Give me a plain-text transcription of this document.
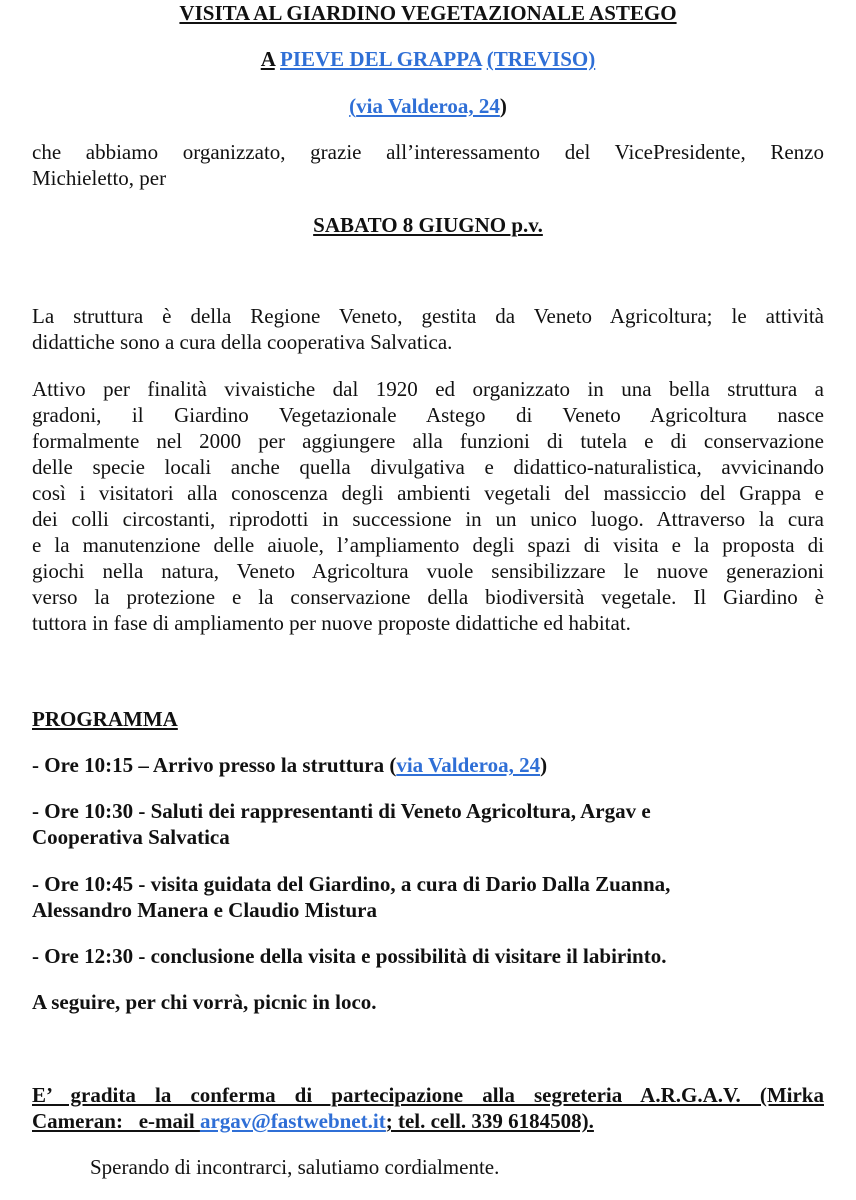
VISITA AL GIARDINO VEGETAZIONALE ASTEGO
A PIEVE DEL GRAPPA (TREVISO)
(via Valderoa, 24)
che abbiamo organizzato, grazie all’interessamento del VicePresidente, Renzo
Michieletto, per
SABATO 8 GIUGNO p.v.
La struttura è della Regione Veneto, gestita da Veneto Agricoltura; le attività
didattiche sono a cura della cooperativa Salvatica.
Attivo per finalità vivaistiche dal 1920 ed organizzato in una bella struttura a
gradoni, il Giardino Vegetazionale Astego di Veneto Agricoltura nasce
formalmente nel 2000 per aggiungere alla funzioni di tutela e di conservazione
delle specie locali anche quella divulgativa e didattico-naturalistica, avvicinando
così i visitatori alla conoscenza degli ambienti vegetali del massiccio del Grappa e
dei colli circostanti, riprodotti in successione in un unico luogo. Attraverso la cura
e la manutenzione delle aiuole, l’ampliamento degli spazi di visita e la proposta di
giochi nella natura, Veneto Agricoltura vuole sensibilizzare le nuove generazioni
verso la protezione e la conservazione della biodiversità vegetale. Il Giardino è
tuttora in fase di ampliamento per nuove proposte didattiche ed habitat.
PROGRAMMA
- Ore 10:15 – Arrivo presso la struttura (via Valderoa, 24)
- Ore 10:30 - Saluti dei rappresentanti di Veneto Agricoltura, Argav e
Cooperativa Salvatica
- Ore 10:45 - visita guidata del Giardino, a cura di Dario Dalla Zuanna,
Alessandro Manera e Claudio Mistura
- Ore 12:30 - conclusione della visita e possibilità di visitare il labirinto.
A seguire, per chi vorrà, picnic in loco.
E’ gradita la conferma di partecipazione alla segreteria A.R.G.A.V. (Mirka
Cameran:   e-mail argav@fastwebnet.it; tel. cell. 339 6184508).
Sperando di incontrarci, salutiamo cordialmente.
